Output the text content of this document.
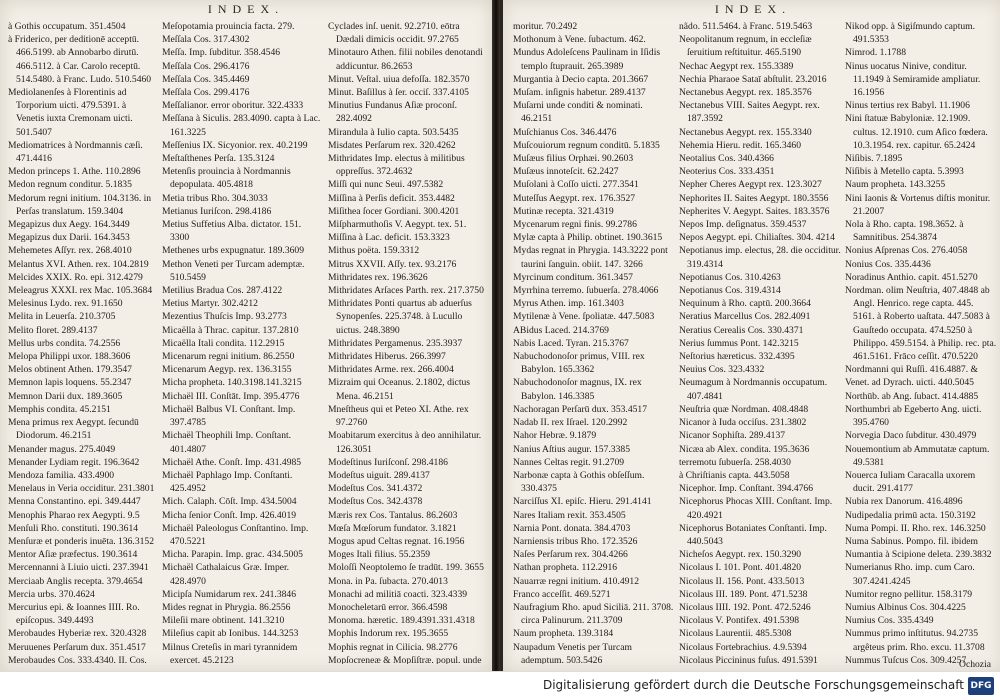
INDEX.

à Gothis occupatum. 351.4504

à Friderico, per deditionē acceptū. 466.5199. ab Annobarbo dirutū. 466.5112. à Car. Carolo receptū. 514.5480. à Franc. Ludo. 510.5460

Mediolanenſes à Florentinis ad Torporium uicti. 479.5391. à Venetis iuxta Cremonam uicti. 501.5407

Mediomatrices à Nordmannis cæſi. 471.4416

Medon princeps 1. Athe. 110.2896

Medon regnum conditur. 5.1835

Medorum regni initium. 104.3136. in Perſas translatum. 159.3404

Megapizus dux Aegy. 164.3449

Megapizus dux Darii. 164.3453

Mehemetes Aſſyr. rex. 268.4010

Melantus XVI. Athen. rex. 104.2819

Melcides XXIX. Ro. epi. 312.4279

Meleagrus XXXI. rex Mac. 105.3684

Melesinus Lydo. rex. 91.1650

Melita in Leuerſa. 210.3705

Melito floret. 289.4137

Mellus urbs condita. 74.2556

Melopa Philippi uxor. 188.3606

Melos obtinent Athen. 179.3547

Memnon lapis loquens. 55.2347

Memnon Darii dux. 189.3605

Memphis condita. 45.2151

Mena primus rex Aegypt. ſecundū Diodorum. 46.2151

Menander magus. 275.4049

Menander Lydiam regit. 196.3642

Mendoza familia. 433.4900

Menelaus in Veria occiditur. 231.3801

Menna Constantino. epi. 349.4447

Menophis Pharao rex Aegypti. 9.5

Menſuli Rho. constituti. 190.3614

Menſuræ et ponderis inuēta. 136.3152

Mentor Aſiæ præfectus. 190.3614

Mercennanni à Liuio uicti. 237.3941

Merciaab Anglis recepta. 379.4654

Mercia urbs. 370.4624

Mercurius epi. & Ioannes IIII. Ro. epiſcopus. 349.4493

Merobaudes Hyberiæ rex. 320.4328

Meruuenes Perſarum dux. 351.4517

Merobaudes Cos. 333.4340. II. Cos.

Meſopotamia prouincia facta. 279.

Meſſala Cos. 317.4302

Meſſa. Imp. ſubditur. 358.4546

Meſſala Cos. 296.4176

Meſſala Cos. 345.4469

Meſſala Cos. 299.4176

Meſſalianor. error oboritur. 322.4333

Meſſana à Siculis. 283.4090. capta à Lac. 161.3225

Meſſenius IX. Sicyonior. rex. 40.2199

Meſtaſthenes Perſa. 135.3124

Metenſis prouincia à Nordmannis depopulata. 405.4818

Metia tribus Rho. 304.3033

Metianus Iuriſcon. 298.4186

Metius Suffetius Alba. dictator. 151. 3300

Methenes urbs expugnatur. 189.3609

Methon Veneti per Turcam ademptæ. 510.5459

Metilius Bradua Cos. 287.4122

Metius Martyr. 302.4212

Mezentius Thuſcis Imp. 93.2773

Micaëlla à Thrac. capitur. 137.2810

Micaëlla Itali condita. 112.2915

Micenarum regni initium. 86.2550

Micenarum Aegyp. rex. 136.3155

Micha propheta. 140.3198.141.3215

Michaël III. Conſtāt. Imp. 395.4776

Michaël Balbus VI. Conſtant. Imp. 397.4785

Michaël Theophili Imp. Conſtant. 401.4807

Michaël Athe. Conſt. Imp. 431.4985

Michaël Paphlago Imp. Conſtanti. 425.4952

Mich. Calaph. Cōſt. Imp. 434.5004

Micha ſenior Conſt. Imp. 426.4019

Michaël Paleologus Conſtantino. Imp. 470.5221

Micha. Parapin. Imp. grac. 434.5005

Michaël Cathalaicus Græ. Imper. 428.4970

Micipſa Numidarum rex. 241.3846

Mides regnat in Phrygia. 86.2556

Mileſii mare obtinent. 141.3210

Mileſius capit ab Ionibus. 144.3253

Milnus Creteſis in mari tyrannidem exercet. 45.2123

Cyclades inſ. uenit. 92.2710. eōtra Dædali dimicis occidit. 97.2765

Minotauro Athen. filii nobiles denotandi addicuntur. 86.2653

Minut. Veſtal. uiua defoſſa. 182.3570

Minut. Baſillus à ſer. occiſ. 337.4105

Minutius Fundanus Aſiæ proconſ. 282.4092

Mirandula à Iulio capta. 503.5435

Misdates Perſarum rex. 320.4262

Mithridates Imp. electus à militibus oppreſſus. 372.4632

Miſſi qui nunc Seui. 497.5382

Miſſina à Perſis deficit. 353.4482

Miſithea ſocer Gordiani. 300.4201

Miſpharmuthoſis V. Aegypt. tex. 51.

Miſſina à Lac. deficit. 153.3323

Mithus poëta. 159.3312

Mitrus XXVII. Aſſy. tex. 93.2176

Mithridates rex. 196.3626

Mithridates Arſaces Parth. rex. 217.3750

Mithridates Ponti quartus ab aduerſus Synopenſes. 225.3748. à Lucullo uictus. 248.3890

Mithridates Pergamenus. 235.3937

Mithridates Hiberus. 266.3997

Mithridates Arme. rex. 266.4004

Mizraim qui Oceanus. 2.1802, dictus Mena. 46.2151

Mneſtheus qui et Peteo XI. Athe. rex 97.2760

Moabitarum exercitus à deo annihilatur. 126.3051

Modeſtinus Iuriſconſ. 298.4186

Modeſtus uiguit. 289.4137

Modeſtus Cos. 341.4372

Modeſtus Cos. 342.4378

Mæris rex Cos. Tantalus. 86.2603

Mœſa Mœſorum fundator. 3.1821

Mogus apud Celtas regnat. 16.1956

Moges Itali filius. 55.2359

Moloſſi Neoptolemo ſe tradūt. 199. 3655

Mona. in Pa. ſubacta. 270.4013

Monachi ad militiā coacti. 323.4339

Monocheletarū error. 366.4598

Monoma. hæretic. 189.4391.331.4318

Mophis Indorum rex. 195.3655

Mophis regnat in Cilicia. 98.2776

Mopſocreneæ & Mopſiſtræ. popul. unde

INDEX.

moritur. 70.2492

Mothonum à Vene. ſubactum. 462.

Mundus Adoleſcens Paulinam in Iſidis templo ſtuprauit. 265.3989

Murgantia à Decio capta. 201.3667

Muſam. inſignis habetur. 289.4137

Muſarni unde conditi & nominati. 46.2151

Muſchianus Cos. 346.4476

Muſcouiorum regnum conditū. 5.1835

Muſæus filius Orphæi. 90.2603

Muſæus innoteſcit. 62.2427

Muſolani à Coſſo uicti. 277.3541

Muteſſus Aegypt. rex. 176.3527

Mutinæ recepta. 321.4319

Mycenarum regni finis. 99.2786

Mylæ capta à Philip. obtinet. 190.3615

Mydas regnat in Phrygia. 143.3222 pont taurini ſanguin. obiit. 147. 3266

Myrcinum conditum. 361.3457

Myrrhina terremo. ſubuerſa. 278.4066

Myrus Athen. imp. 161.3403

Mytilenæ à Vene. ſpoliatæ. 447.5083

ABidus Laced. 214.3769

Nabis Laced. Tyran. 215.3767

Nabuchodonoſor primus, VIII. rex Babylon. 165.3362

Nabuchodonoſor magnus, IX. rex Babylon. 146.3385

Nachoragan Perſarū dux. 353.4517

Nadab II. rex Iſrael. 120.2992

Nahor Hebræ. 9.1879

Nanius Aſtius augur. 157.3385

Nannes Celtas regit. 91.2709

Narbonæ capta à Gothis obſeſſum. 330.4375

Narciſſus XI. epiſc. Hieru. 291.4141

Nares Italiam rexit. 353.4505

Narnia Pont. donata. 384.4703

Narniensis tribus Rho. 172.3526

Naſes Perſarum rex. 304.4266

Nathan propheta. 112.2916

Nauarræ regni initium. 410.4912

Franco acceſſit. 469.5271

Naufragium Rho. apud Siciliā. 211. 3708. circa Palinurum. 211.3709

Naum propheta. 139.3184

Naupadum Venetis per Turcam ademptum. 503.5426

nãdo. 511.5464. à Franc. 519.5463

Neopolitanum regnum, in eccleſiæ ſeruitium reſtituitur. 465.5190

Nechac Aegypt rex. 155.3389

Nechia Pharaoe Sataī abſtulit. 23.2016

Nectanebus Aegypt. rex. 185.3576

Nectanebus VIII. Saites Aegypt. rex. 187.3592

Nectanebus Aegypt. rex. 155.3340

Nehemia Hieru. redit. 165.3460

Neotalius Cos. 340.4366

Neoterius Cos. 333.4351

Nepher Cheres Aegypt rex. 123.3027

Nephorites II. Saites Aegypt. 180.3556

Nepherites V. Aegypt. Saites. 183.3576

Nepos Imp. deſignatus. 359.4537

Nepos Aegypt. epi. Chiliaſtes. 304. 4214

Nepotianus imp. electus, 28. die occiditur. 319.4314

Nepotianus Cos. 310.4263

Nepotianus Cos. 319.4314

Nequinum à Rho. captū. 200.3664

Neratius Marcellus Cos. 282.4091

Neratius Cerealis Cos. 330.4371

Nerius ſummus Pont. 142.3215

Neſtorius hæreticus. 332.4395

Neuius Cos. 323.4332

Neumagum à Nordmannis occupatum. 407.4841

Neuſtria quæ Nordman. 408.4848

Nicanor à Iuda occiſus. 231.3802

Nicanor Sophiſta. 289.4137

Nicæa ab Alex. condita. 195.3636

terremotu ſubuerſa. 258.4030

à Chriſtianis capta. 443.5058

Nicephor. Imp. Conſtant. 394.4766

Nicephorus Phocas XIII. Conſtant. Imp. 420.4921

Nicephorus Botaniates Conſtanti. Imp. 440.5043

Nicheſos Aegypt. rex. 150.3290

Nicolaus I. 101. Pont. 401.4820

Nicolaus II. 156. Pont. 433.5013

Nicolaus III. 189. Pont. 471.5238

Nicolaus IIII. 192. Pont. 472.5246

Nicolaus V. Pontifex. 491.5398

Nicolaus Laurentii. 485.5308

Nicolaus Fortebrachius. 4.9.5394

Nicolaus Piccininus fuſus. 491.5391

Nikod opp. à Sigiſmundo captum. 491.5353

Nimrod. 1.1788

Ninus uocatus Ninive, conditur. 11.1949 à Semiramide ampliatur. 16.1956

Ninus tertius rex Babyl. 11.1906

Nini ſtatuæ Babyloniæ. 12.1909. cultus. 12.1910. cum Aſico fœdera. 10.3.1954. rex. capitur. 65.2424

Niſibis. 7.1895

Niſibis à Metello capta. 5.3993

Naum propheta. 143.3255

Nini Iaonis & Vortenus diſtis monitur. 21.2007

Nola à Rho. capta. 198.3652. à Samnitibus. 254.3874

Nonius Aſprenas Cos. 276.4058

Nonius Cos. 335.4436

Noradinus Anthio. capit. 451.5270

Nordman. olim Neuſtria, 407.4848 ab Angl. Henrico. rege capta. 445. 5161. à Roberto uaſtata. 447.5083 à Gauſtedo occupata. 474.5250 à Philippo. 459.5154. à Philip. rec. pta. 461.5161. Frāco ceſſit. 470.5220

Nordmanni qui Ruſſi. 416.4887. &

Venet. ad Dyrach. uicti. 440.5045

Northūb. ab Ang. ſubact. 414.4885

Northumbri ab Egeberto Ang. uicti. 395.4760

Norvegia Daco ſubditur. 430.4979

Nouemontium ab Ammutatæ captum. 49.5381

Nouerca Iuliam Caracalla uxorem ducit. 291.4177

Nubia rex Danorum. 416.4896

Nudipedalia primū acta. 150.3192

Numa Pompi. II. Rho. rex. 146.3250

Numa Sabinus. Pompo. fil. ibidem

Numantia à Scipione deleta. 239.3832

Numerianus Rho. imp. cum Caro. 307.4241.4245

Numitor regno pellitur. 158.3179

Numius Albinus Cos. 304.4225

Numius Cos. 335.4349

Nummus primo inſtitutus. 94.2735 argêteus prim. Rho. excu. 11.3708

Nummus Tuſcus Cos. 309.4257

Ochozia
Digitalisierung gefördert durch die Deutsche Forschungsgemeinschaft DFG
